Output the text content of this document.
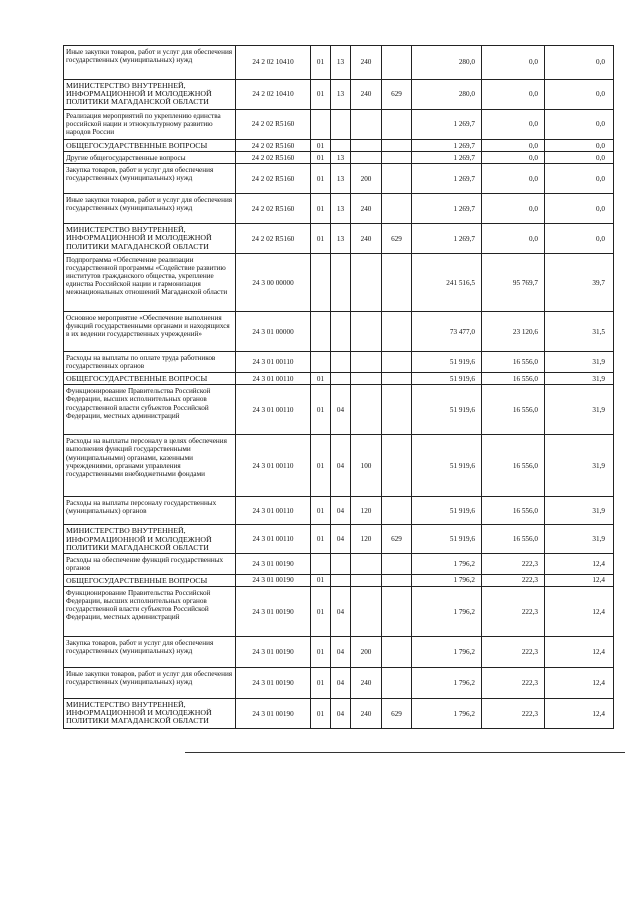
Иные закупки товаров, работ и услуг для обеспечения государственных (муниципальных) нужд	24 2 02 10410	01	13	240		280,0	0,0	0,0
МИНИСТЕРСТВО ВНУТРЕННЕЙ, ИНФОРМАЦИОННОЙ И МОЛОДЕЖНОЙ ПОЛИТИКИ МАГАДАНСКОЙ ОБЛАСТИ	24 2 02 10410	01	13	240	629	280,0	0,0	0,0
Реализация мероприятий по укреплению единства российской нации и этнокультурному развитию народов России	24 2 02 R5160					1 269,7	0,0	0,0
ОБЩЕГОСУДАРСТВЕННЫЕ ВОПРОСЫ	24 2 02 R5160	01				1 269,7	0,0	0,0
Другие общегосударственные вопросы	24 2 02 R5160	01	13			1 269,7	0,0	0,0
Закупка товаров, работ и услуг для обеспечения государственных (муниципальных) нужд	24 2 02 R5160	01	13	200		1 269,7	0,0	0,0
Иные закупки товаров, работ и услуг для обеспечения государственных (муниципальных) нужд	24 2 02 R5160	01	13	240		1 269,7	0,0	0,0
МИНИСТЕРСТВО ВНУТРЕННЕЙ, ИНФОРМАЦИОННОЙ И МОЛОДЕЖНОЙ ПОЛИТИКИ МАГАДАНСКОЙ ОБЛАСТИ	24 2 02 R5160	01	13	240	629	1 269,7	0,0	0,0
Подпрограмма «Обеспечение реализации государственной программы «Содействие развитию институтов гражданского общества, укрепление единства Российской нации и гармонизация межнациональных отношений Магаданской области	24 3 00 00000					241 516,5	95 769,7	39,7
Основное мероприятие «Обеспечение выполнения функций государственными органами и находящихся в их ведении государственных учреждений»	24 3 01 00000					73 477,0	23 120,6	31,5
Расходы на выплаты по оплате труда работников государственных органов	24 3 01 00110					51 919,6	16 556,0	31,9
ОБЩЕГОСУДАРСТВЕННЫЕ ВОПРОСЫ	24 3 01 00110	01				51 919,6	16 556,0	31,9
Функционирование Правительства Российской Федерации, высших исполнительных органов государственной власти субъектов Российской Федерации, местных администраций	24 3 01 00110	01	04			51 919,6	16 556,0	31,9
Расходы на выплаты персоналу в целях обеспечения выполнения функций государственными (муниципальными) органами, казенными учреждениями, органами управления государственными внебюджетными фондами	24 3 01 00110	01	04	100		51 919,6	16 556,0	31,9
Расходы на выплаты персоналу государственных (муниципальных) органов	24 3 01 00110	01	04	120		51 919,6	16 556,0	31,9
МИНИСТЕРСТВО ВНУТРЕННЕЙ, ИНФОРМАЦИОННОЙ И МОЛОДЕЖНОЙ ПОЛИТИКИ МАГАДАНСКОЙ ОБЛАСТИ	24 3 01 00110	01	04	120	629	51 919,6	16 556,0	31,9
Расходы на обеспечение функций государственных органов	24 3 01 00190					1 796,2	222,3	12,4
ОБЩЕГОСУДАРСТВЕННЫЕ ВОПРОСЫ	24 3 01 00190	01				1 796,2	222,3	12,4
Функционирование Правительства Российской Федерации, высших исполнительных органов государственной власти субъектов Российской Федерации, местных администраций	24 3 01 00190	01	04			1 796,2	222,3	12,4
Закупка товаров, работ и услуг для обеспечения государственных (муниципальных) нужд	24 3 01 00190	01	04	200		1 796,2	222,3	12,4
Иные закупки товаров, работ и услуг для обеспечения государственных (муниципальных) нужд	24 3 01 00190	01	04	240		1 796,2	222,3	12,4
МИНИСТЕРСТВО ВНУТРЕННЕЙ, ИНФОРМАЦИОННОЙ И МОЛОДЕЖНОЙ ПОЛИТИКИ МАГАДАНСКОЙ ОБЛАСТИ	24 3 01 00190	01	04	240	629	1 796,2	222,3	12,4
